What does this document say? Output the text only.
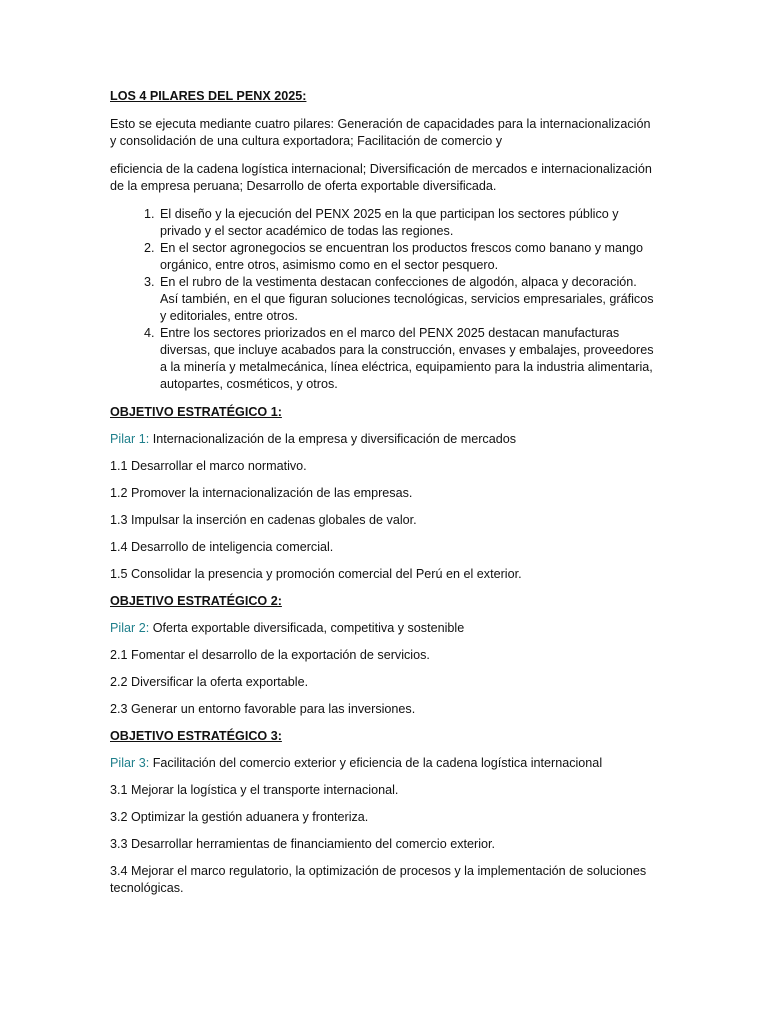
LOS 4 PILARES DEL PENX 2025:

Esto se ejecuta mediante cuatro pilares: Generación de capacidades para la internacionalización y consolidación de una cultura exportadora; Facilitación de comercio y

eficiencia de la cadena logística internacional; Diversificación de mercados e internacionalización de la empresa peruana; Desarrollo de oferta exportable diversificada.

1. El diseño y la ejecución del PENX 2025 en la que participan los sectores público y privado y el sector académico de todas las regiones.
2. En el sector agronegocios se encuentran los productos frescos como banano y mango orgánico, entre otros, asimismo como en el sector pesquero.
3. En el rubro de la vestimenta destacan confecciones de algodón, alpaca y decoración. Así también, en el que figuran soluciones tecnológicas, servicios empresariales, gráficos y editoriales, entre otros.
4. Entre los sectores priorizados en el marco del PENX 2025 destacan manufacturas diversas, que incluye acabados para la construcción, envases y embalajes, proveedores a la minería y metalmecánica, línea eléctrica, equipamiento para la industria alimentaria, autopartes, cosméticos, y otros.

OBJETIVO ESTRATÉGICO 1:

Pilar 1: Internacionalización de la empresa y diversificación de mercados

1.1 Desarrollar el marco normativo.

1.2 Promover la internacionalización de las empresas.

1.3 Impulsar la inserción en cadenas globales de valor.

1.4 Desarrollo de inteligencia comercial.

1.5 Consolidar la presencia y promoción comercial del Perú en el exterior.

OBJETIVO ESTRATÉGICO 2:

Pilar 2: Oferta exportable diversificada, competitiva y sostenible

2.1 Fomentar el desarrollo de la exportación de servicios.

2.2 Diversificar la oferta exportable.

2.3 Generar un entorno favorable para las inversiones.

OBJETIVO ESTRATÉGICO 3:

Pilar 3: Facilitación del comercio exterior y eficiencia de la cadena logística internacional

3.1 Mejorar la logística y el transporte internacional.

3.2 Optimizar la gestión aduanera y fronteriza.

3.3 Desarrollar herramientas de financiamiento del comercio exterior.

3.4 Mejorar el marco regulatorio, la optimización de procesos y la implementación de soluciones tecnológicas.
